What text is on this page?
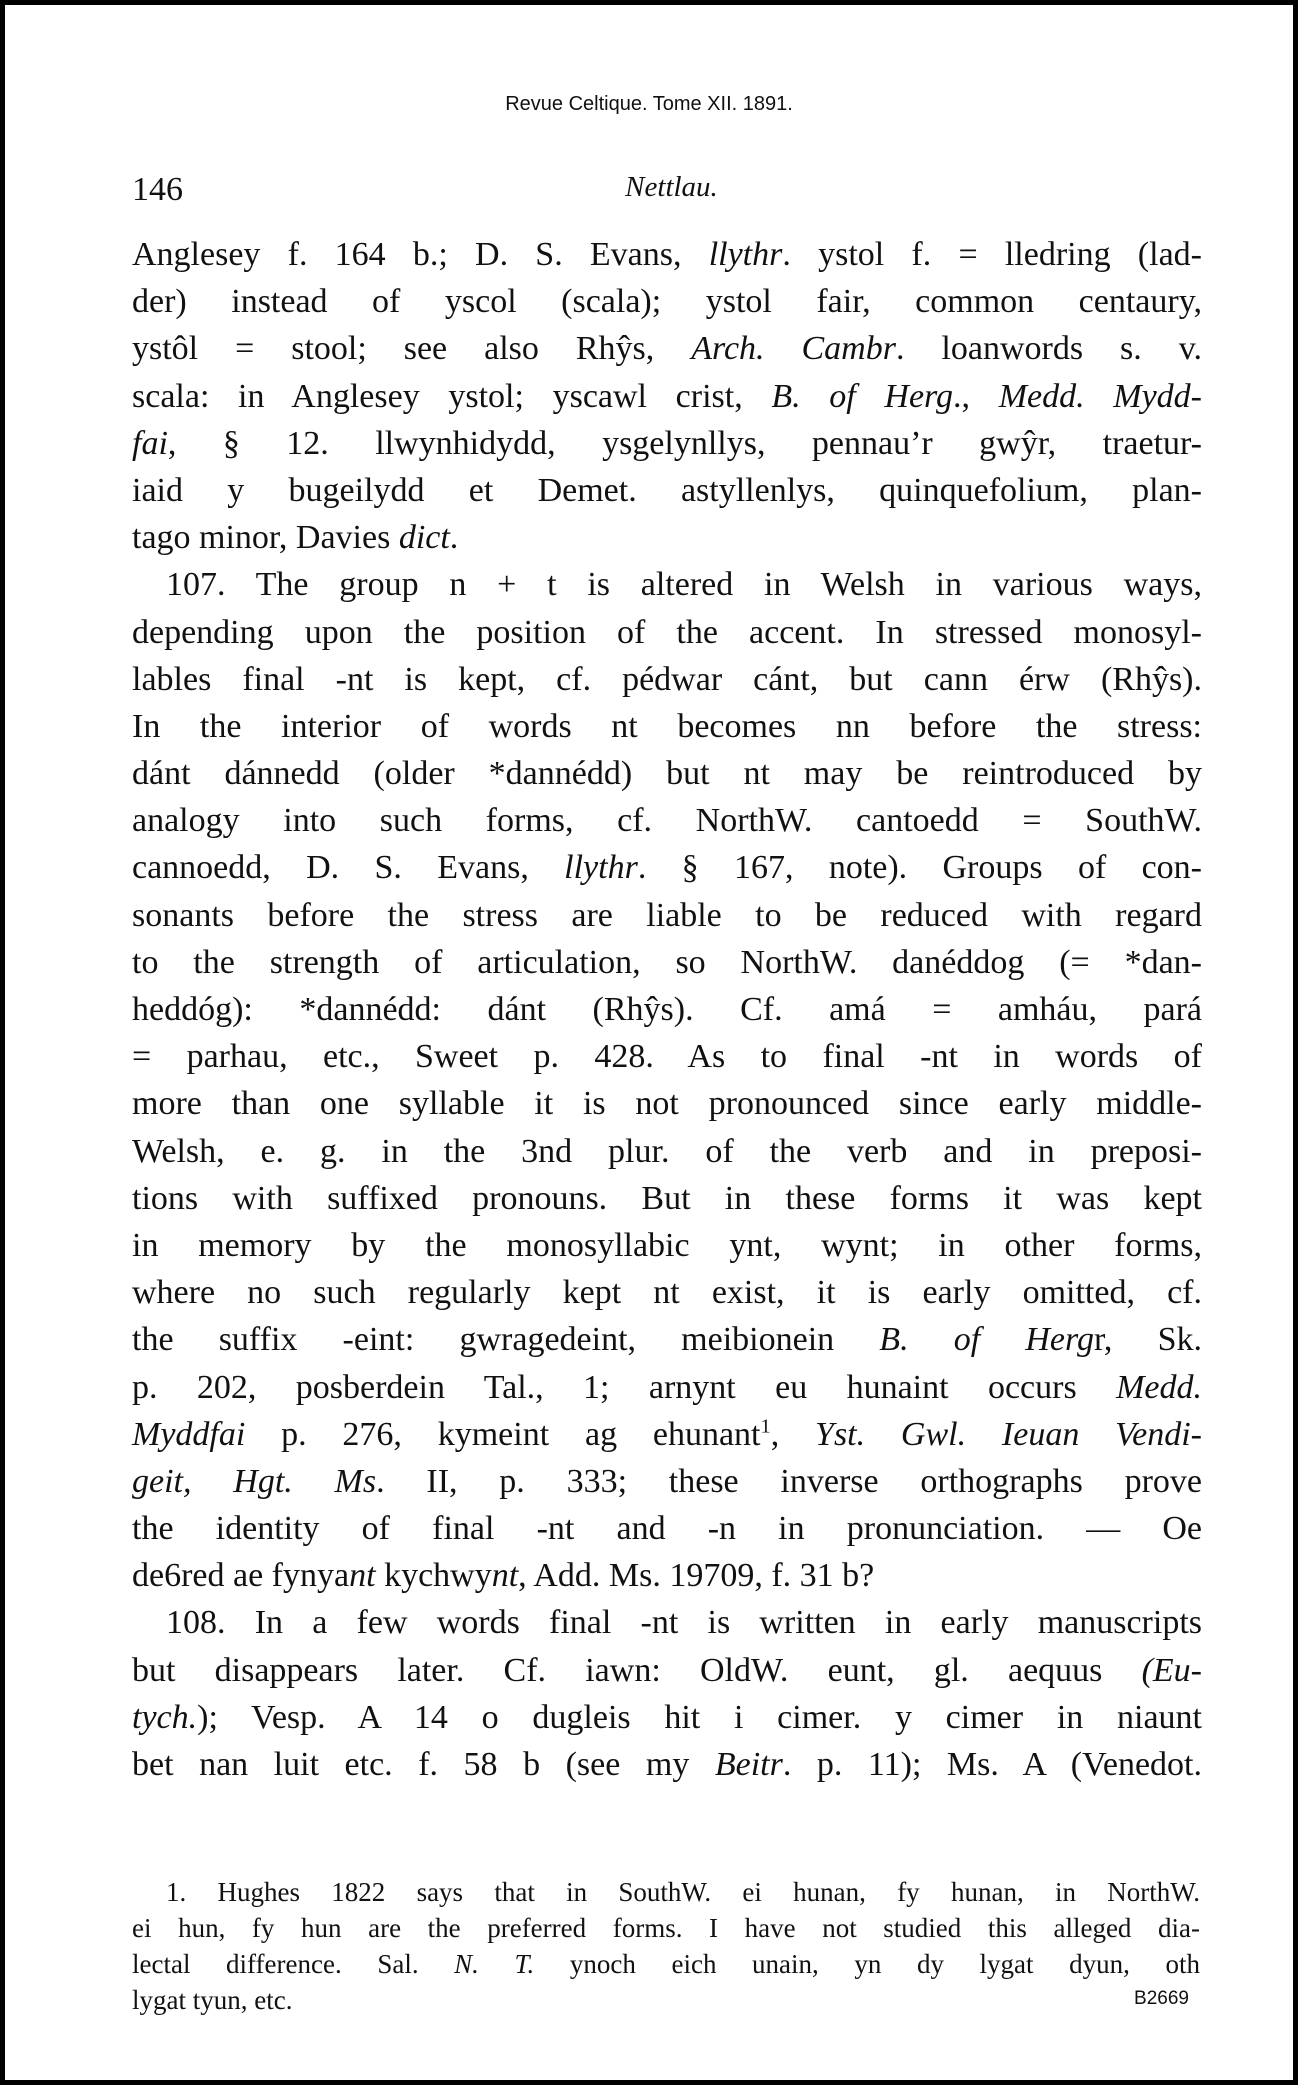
Revue Celtique. Tome XII. 1891.
146	Nettlau.
Anglesey f. 164 b.; D. S. Evans, llythr. ystol f. = lledring (lad-
der) instead of yscol (scala); ystol fair, common centaury,
ystôl = stool; see also Rhŷs, Arch. Cambr. loanwords s. v.
scala: in Anglesey ystol; yscawl crist, B. of Herg., Medd. Mydd-
fai, § 12. llwynhidydd, ysgelynllys, pennau’r gwŷr, traetur-
iaid y bugeilydd et Demet. astyllenlys, quinquefolium, plan-
tago minor, Davies dict.
107. The group n + t is altered in Welsh in various ways,
depending upon the position of the accent. In stressed monosyl-
lables final -nt is kept, cf. pédwar cánt, but cann érw (Rhŷs).
In the interior of words nt becomes nn before the stress:
dánt dánnedd (older *dannédd) but nt may be reintroduced by
analogy into such forms, cf. NorthW. cantoedd = SouthW.
cannoedd, D. S. Evans, llythr. § 167, note). Groups of con-
sonants before the stress are liable to be reduced with regard
to the strength of articulation, so NorthW. danéddog (= *dan-
heddóg): *dannédd: dánt (Rhŷs). Cf. amá = amháu, pará
= parhau, etc., Sweet p. 428. As to final -nt in words of
more than one syllable it is not pronounced since early middle-
Welsh, e. g. in the 3nd plur. of the verb and in preposi-
tions with suffixed pronouns. But in these forms it was kept
in memory by the monosyllabic ynt, wynt; in other forms,
where no such regularly kept nt exist, it is early omitted, cf.
the suffix -eint: gwragedeint, meibionein B. of Hergr, Sk.
p. 202, posberdein Tal., 1; arnynt eu hunaint occurs Medd.
Myddfai p. 276, kymeint ag ehunant$^1$, Yst. Gwl. Ieuan Vendi-
geit, Hgt. Ms. II, p. 333; these inverse orthographs prove
the identity of final -nt and -n in pronunciation. — Oe
de6red ae fynyant kychwynt, Add. Ms. 19709, f. 31 b?
108. In a few words final -nt is written in early manuscripts
but disappears later. Cf. iawn: OldW. eunt, gl. aequus (Eu-
tych.); Vesp. A 14 o dugleis hit i cimer. y cimer in niaunt
bet nan luit etc. f. 58 b (see my Beitr. p. 11); Ms. A (Venedot.
1. Hughes 1822 says that in SouthW. ei hunan, fy hunan, in NorthW.
ei hun, fy hun are the preferred forms. I have not studied this alleged dia-
lectal difference. Sal. N. T. ynoch eich unain, yn dy lygat dyun, oth
lygat tyun, etc.	B2669
